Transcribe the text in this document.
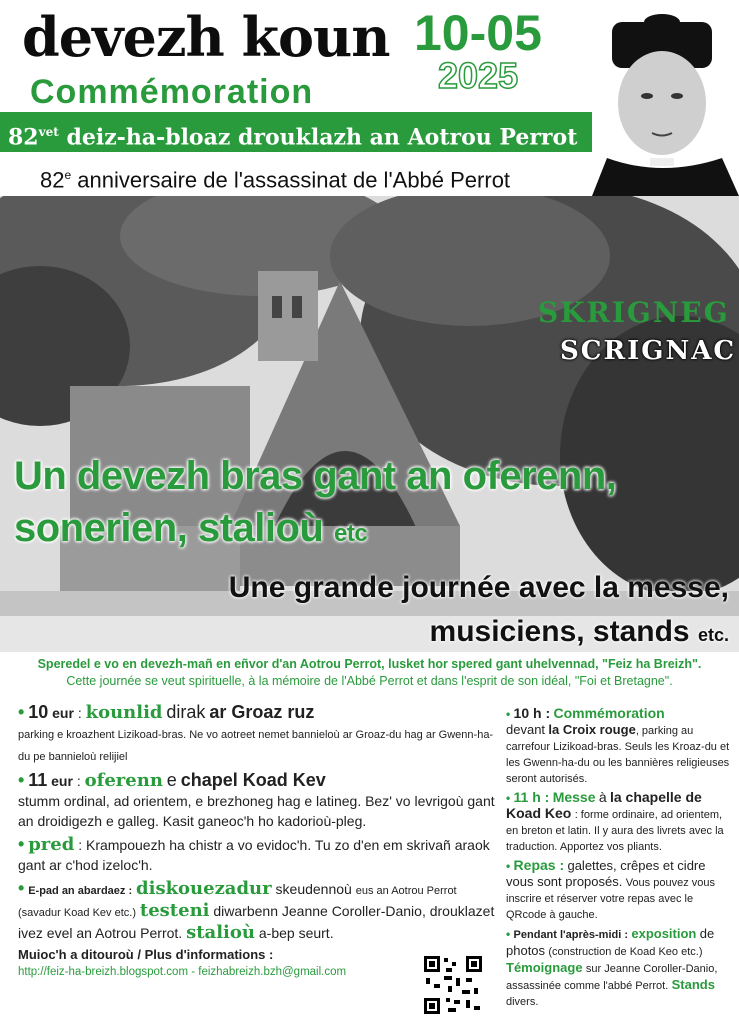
devezh koun 10-05
2025
Commémoration
$82^{vet}$ deiz-ha-bloaz drouklazh an Aotrou Perrot
82e anniversaire de l'assassinat de l'Abbé Perrot
SKRIGNEG
SCRIGNAC
Un devezh bras gant an oferenn,
sonerien, stalioù etc
Une grande journée avec la messe,
musiciens, stands etc.
Speredel e vo en devezh-mañ en eñvor d'an Aotrou Perrot, lusket hor spered gant uhelvennad, "Feiz ha Breizh".
Cette journée se veut spirituelle, à la mémoire de l'Abbé Perrot et dans l'esprit de son idéal, "Foi et Bretagne".

• 10 eur : kounlid dirak ar Groaz ruz
parking e kroazhent Lizikoad-bras. Ne vo aotreet nemet bannieloù ar Groaz-du hag ar Gwenn-ha-du pe bannieloù relijiel

• 11 eur : oferenn e chapel Koad Kev
stumm ordinal, ad orientem, e brezhoneg hag e latineg. Bez' vo levrigoù gant an droidigezh e galleg. Kasit ganeoc'h ho kadorioù-pleg.

• pred : Krampouezh ha chistr a vo evidoc'h. Tu zo d'en em skrivañ araok gant ar c'hod izeloc'h.

• E-pad an abardaez : diskouezadur skeudennoù eus an Aotrou Perrot (savadur Koad Kev etc.) testeni diwarbenn Jeanne Coroller-Danio, drouklazet ivez evel an Aotrou Perrot. stalioù a-bep seurt.

Muioc'h a ditouroù / Plus d'informations :
http://feiz-ha-breizh.blogspot.com - feizhabreizh.bzh@gmail.com

• 10 h : Commémoration
devant la Croix rouge, parking au carrefour Lizikoad-bras. Seuls les Kroaz-du et les Gwenn-ha-du ou les bannières religieuses seront autorisés.

• 11 h : Messe à la chapelle de Koad Keo : forme ordinaire, ad orientem, en breton et latin. Il y aura des livrets avec la traduction. Apportez vos pliants.

• Repas : galettes, crêpes et cidre vous sont proposés. Vous pouvez vous inscrire et réserver votre repas avec le QRcode à gauche.

• Pendant l'après-midi : exposition de photos (construction de Koad Keo etc.) Témoignage sur Jeanne Coroller-Danio, assassinée comme l'abbé Perrot. Stands divers.
